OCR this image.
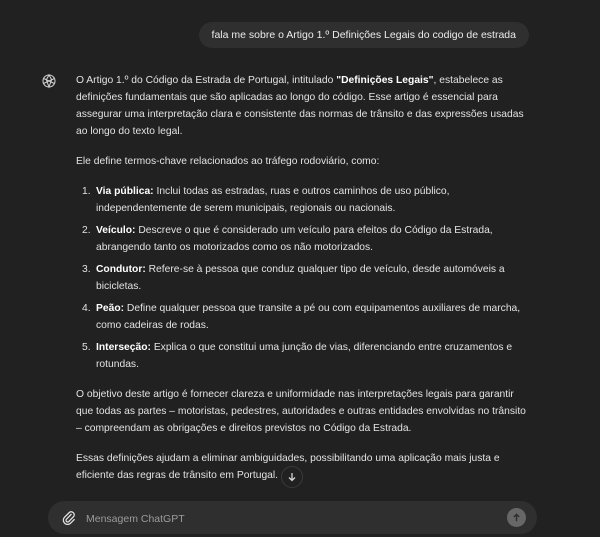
fala me sobre o Artigo 1.º Definições Legais do codigo de estrada

O Artigo 1.º do Código da Estrada de Portugal, intitulado "Definições Legais", estabelece as definições fundamentais que são aplicadas ao longo do código. Esse artigo é essencial para assegurar uma interpretação clara e consistente das normas de trânsito e das expressões usadas ao longo do texto legal.

Ele define termos-chave relacionados ao tráfego rodoviário, como:

1. Via pública: Inclui todas as estradas, ruas e outros caminhos de uso público, independentemente de serem municipais, regionais ou nacionais.
2. Veículo: Descreve o que é considerado um veículo para efeitos do Código da Estrada, abrangendo tanto os motorizados como os não motorizados.
3. Condutor: Refere-se à pessoa que conduz qualquer tipo de veículo, desde automóveis a bicicletas.
4. Peão: Define qualquer pessoa que transite a pé ou com equipamentos auxiliares de marcha, como cadeiras de rodas.
5. Interseção: Explica o que constitui uma junção de vias, diferenciando entre cruzamentos e rotundas.

O objetivo deste artigo é fornecer clareza e uniformidade nas interpretações legais para garantir que todas as partes – motoristas, pedestres, autoridades e outras entidades envolvidas no trânsito – compreendam as obrigações e direitos previstos no Código da Estrada.

Essas definições ajudam a eliminar ambiguidades, possibilitando uma aplicação mais justa e eficiente das regras de trânsito em Portugal.

Mensagem ChatGPT
